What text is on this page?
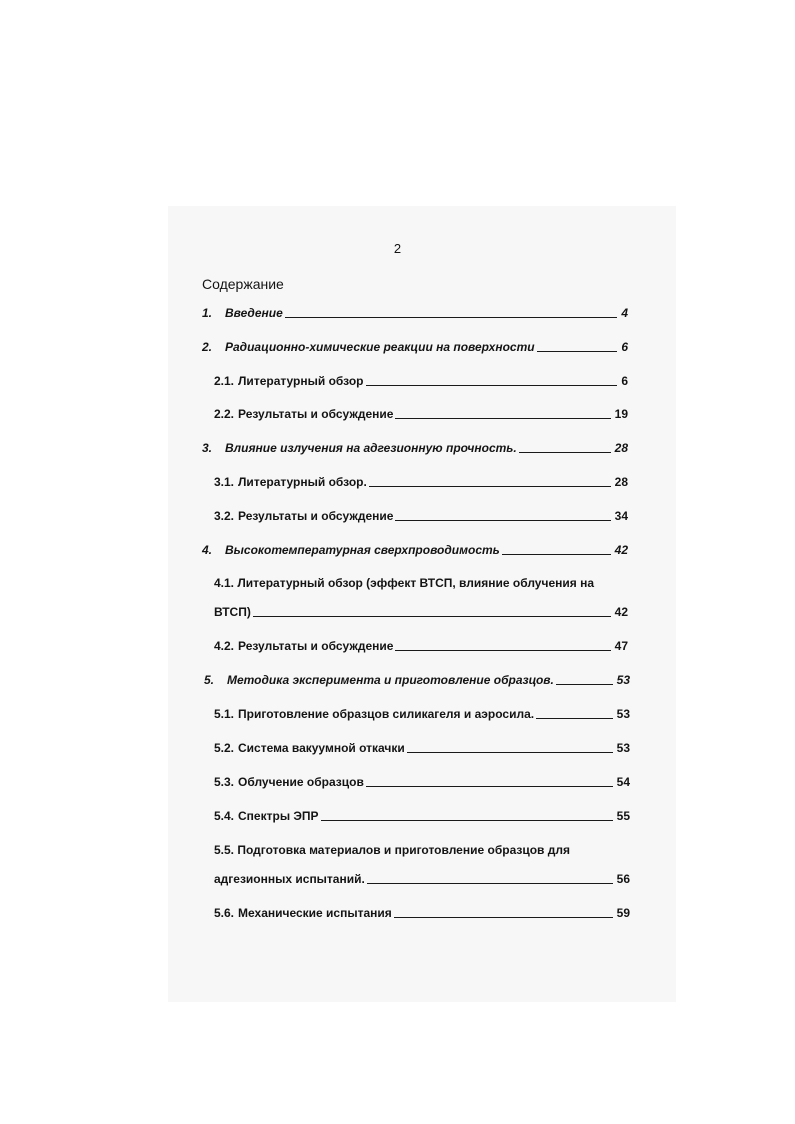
2
Содержание
1.	Введение	4
2.	Радиационно-химические реакции на поверхности	6
2.1. Литературный обзор	6
2.2. Результаты и обсуждение	19
3.	Влияние излучения на адгезионную прочность.	28
3.1. Литературный обзор.	28
3.2. Результаты и обсуждение	34
4.	Высокотемпературная сверхпроводимость	42
4.1. Литературный обзор (эффект ВТСП, влияние облучения на
ВТСП)	42
4.2. Результаты и обсуждение	47
5.	Методика эксперимента и приготовление образцов.	53
5.1. Приготовление образцов силикагеля и аэросила.	53
5.2. Система вакуумной откачки	53
5.3. Облучение образцов	54
5.4. Спектры ЭПР	55
5.5. Подготовка материалов и приготовление образцов для
адгезионных испытаний.	56
5.6. Механические испытания	59
